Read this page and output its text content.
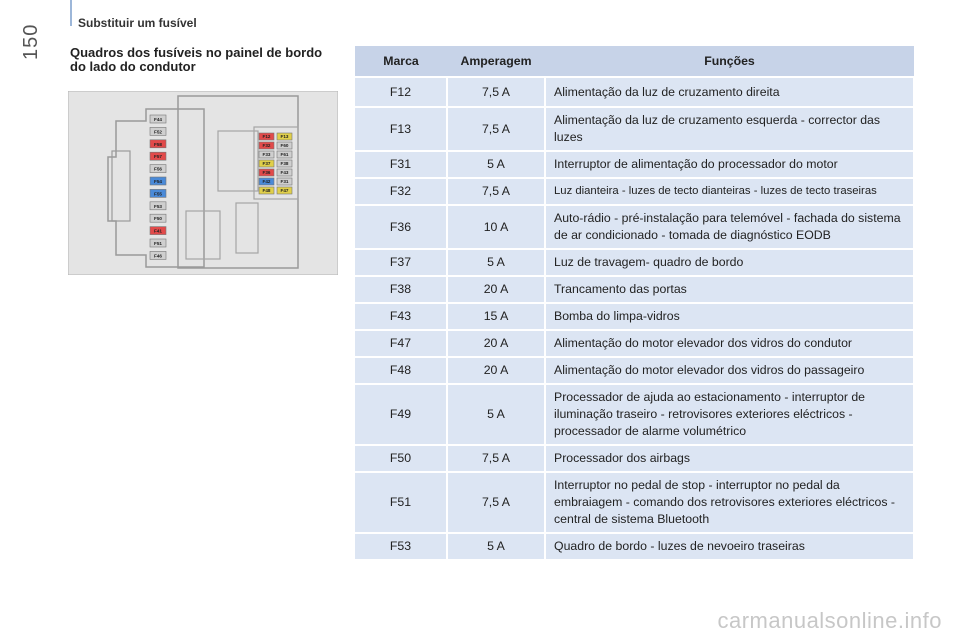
Substituir um fusível
150 Quadros dos fusíveis no painel de bordo do lado do condutor
F44
F52
F58
F57
F56
F54
F55
F53
F50
F41
F51
F46
F12 F13
F32 F60
F33 F61
F37 F38
F36 F43
F42 F31
F48 F47
Marca	Amperagem	Funções
F12	7,5 A	Alimentação da luz de cruzamento direita
F13	7,5 A	Alimentação da luz de cruzamento esquerda - corrector das luzes
F31	5 A	Interruptor de alimentação do processador do motor
F32	7,5 A	Luz dianteira - luzes de tecto dianteiras - luzes de tecto traseiras
F36	10 A	Auto-rádio - pré-instalação para telemóvel - fachada do sistema de ar condicionado - tomada de diagnóstico EODB
F37	5 A	Luz de travagem- quadro de bordo
F38	20 A	Trancamento das portas
F43	15 A	Bomba do limpa-vidros
F47	20 A	Alimentação do motor elevador dos vidros do condutor
F48	20 A	Alimentação do motor elevador dos vidros do passageiro
F49	5 A	Processador de ajuda ao estacionamento - interruptor de iluminação traseiro - retrovisores exteriores eléctricos - processador de alarme volumétrico
F50	7,5 A	Processador dos airbags
F51	7,5 A	Interruptor no pedal de stop - interruptor no pedal da embraiagem - comando dos retrovisores exteriores eléctricos - central de sistema Bluetooth
F53	5 A	Quadro de bordo - luzes de nevoeiro traseiras
carmanualsonline.info
